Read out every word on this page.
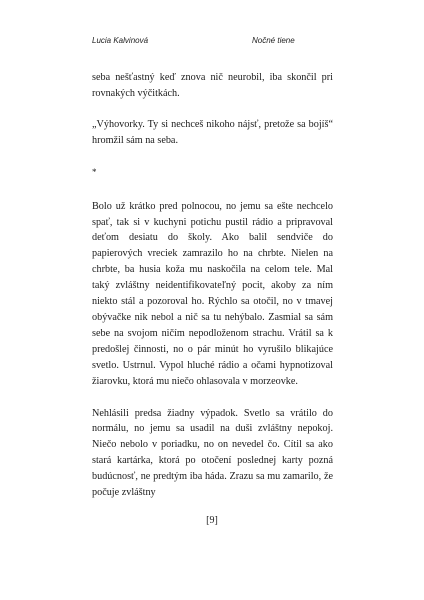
Lucia Kalvinová	Nočné tiene

seba nešťastný keď znova nič neurobil, iba skončil pri rovnakých výčitkách.

„Výhovorky. Ty si nechceš nikoho nájsť, pretože sa bojíš“ hromžil sám na seba.

*

Bolo už krátko pred polnocou, no jemu sa ešte nechcelo spať, tak si v kuchyni potichu pustil rádio a pripravoval deťom desiatu do školy. Ako balil sendviče do papierových vreciek zamrazilo ho na chrbte. Nielen na chrbte, ba husia koža mu naskočila na celom tele. Mal taký zvláštny neidentifikovateľný pocit, akoby za ním niekto stál a pozoroval ho. Rýchlo sa otočil, no v tmavej obývačke nik nebol a nič sa tu nehýbalo. Zasmial sa sám sebe na svojom ničím nepodloženom strachu. Vrátil sa k predošlej činnosti, no o pár minút ho vyrušilo blikajúce svetlo. Ustrnul. Vypol hluché rádio a očami hypnotizoval žiarovku, ktorá mu niečo ohlasovala v morzeovke.

Nehlásili predsa žiadny výpadok. Svetlo sa vrátilo do normálu, no jemu sa usadil na duši zvláštny nepokoj. Niečo nebolo v poriadku, no on nevedel čo. Cítil sa ako stará kartárka, ktorá po otočení poslednej karty pozná budúcnosť, ne predtým iba háda. Zrazu sa mu zamarilo, že počuje zvláštny

[9]
